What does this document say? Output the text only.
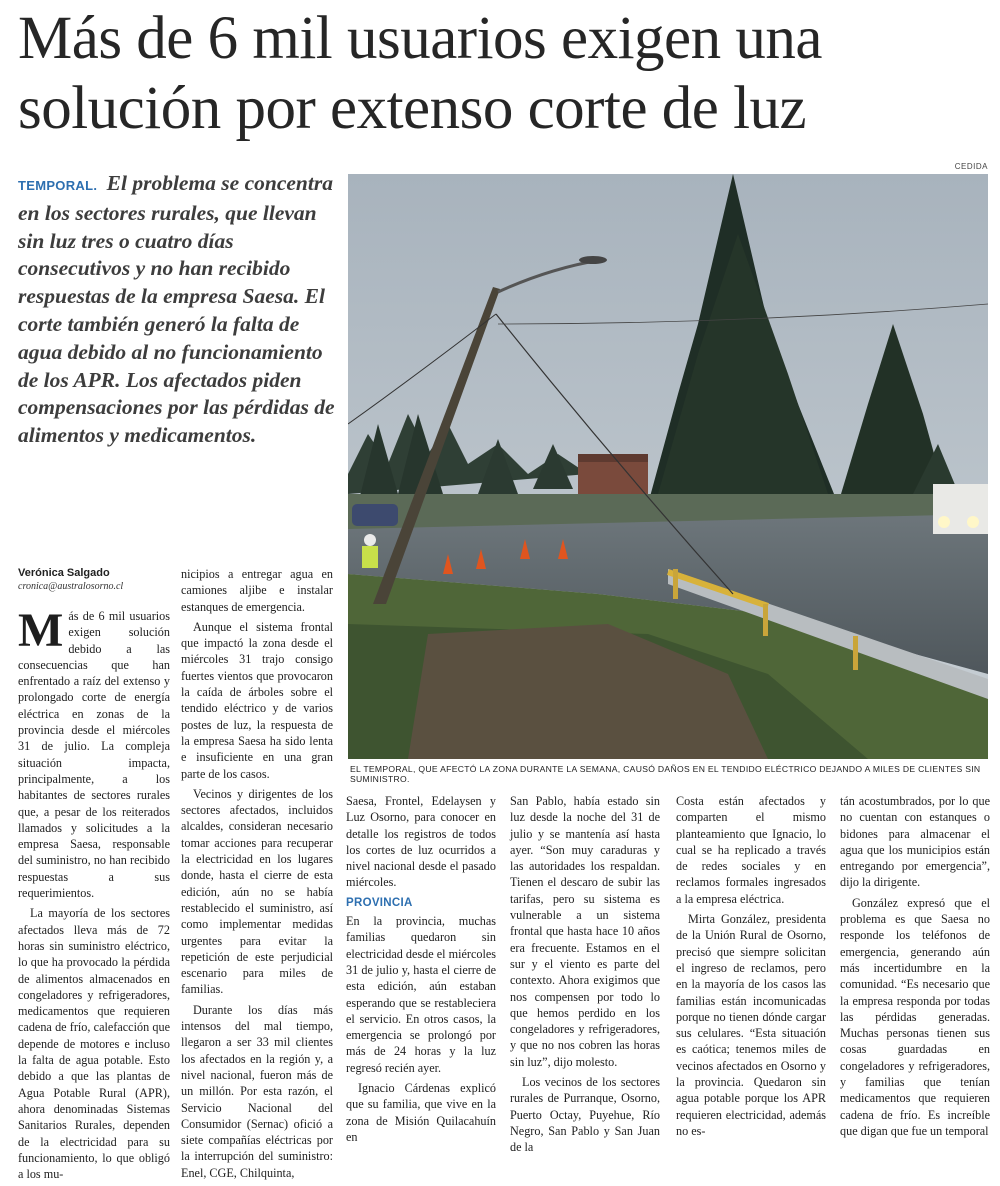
Más de 6 mil usuarios exigen una solución por extenso corte de luz
CEDIDA
TEMPORAL. El problema se concentra en los sectores rurales, que llevan sin luz tres o cuatro días consecutivos y no han recibido respuestas de la empresa Saesa. El corte también generó la falta de agua debido al no funcionamiento de los APR. Los afectados piden compensaciones por las pérdidas de alimentos y medicamentos.
Verónica Salgado
cronica@australosorno.cl
EL TEMPORAL, QUE AFECTÓ LA ZONA DURANTE LA SEMANA, CAUSÓ DAÑOS EN EL TENDIDO ELÉCTRICO DEJANDO A MILES DE CLIENTES SIN SUMINISTRO.

Más de 6 mil usuarios exigen solución debido a las consecuencias que han enfrentado a raíz del extenso y prolongado corte de energía eléctrica en zonas de la provincia desde el miércoles 31 de julio. La compleja situación impacta, principalmente, a los habitantes de sectores rurales que, a pesar de los reiterados llamados y solicitudes a la empresa Saesa, responsable del suministro, no han recibido respuestas a sus requerimientos.

La mayoría de los sectores afectados lleva más de 72 horas sin suministro eléctrico, lo que ha provocado la pérdida de alimentos almacenados en congeladores y refrigeradores, medicamentos que requieren cadena de frío, calefacción que depende de motores e incluso la falta de agua potable. Esto debido a que las plantas de Agua Potable Rural (APR), ahora denominadas Sistemas Sanitarios Rurales, dependen de la electricidad para su funcionamiento, lo que obligó a los mu-

nicipios a entregar agua en camiones aljibe e instalar estanques de emergencia.

Aunque el sistema frontal que impactó la zona desde el miércoles 31 trajo consigo fuertes vientos que provocaron la caída de árboles sobre el tendido eléctrico y de varios postes de luz, la respuesta de la empresa Saesa ha sido lenta e insuficiente en una gran parte de los casos.

Vecinos y dirigentes de los sectores afectados, incluidos alcaldes, consideran necesario tomar acciones para recuperar la electricidad en los lugares donde, hasta el cierre de esta edición, aún no se había restablecido el suministro, así como implementar medidas urgentes para evitar la repetición de este perjudicial escenario para miles de familias.

Durante los días más intensos del mal tiempo, llegaron a ser 33 mil clientes los afectados en la región y, a nivel nacional, fueron más de un millón. Por esta razón, el Servicio Nacional del Consumidor (Sernac) ofició a siete compañías eléctricas por la interrupción del suministro: Enel, CGE, Chilquinta,

Saesa, Frontel, Edelaysen y Luz Osorno, para conocer en detalle los registros de todos los cortes de luz ocurridos a nivel nacional desde el pasado miércoles.

PROVINCIA

En la provincia, muchas familias quedaron sin electricidad desde el miércoles 31 de julio y, hasta el cierre de esta edición, aún estaban esperando que se restableciera el servicio. En otros casos, la emergencia se prolongó por más de 24 horas y la luz regresó recién ayer.

Ignacio Cárdenas explicó que su familia, que vive en la zona de Misión Quilacahuín en

San Pablo, había estado sin luz desde la noche del 31 de julio y se mantenía así hasta ayer. “Son muy caraduras y las autoridades los respaldan. Tienen el descaro de subir las tarifas, pero su sistema es vulnerable a un sistema frontal que hasta hace 10 años era frecuente. Estamos en el sur y el viento es parte del contexto. Ahora exigimos que nos compensen por todo lo que hemos perdido en los congeladores y refrigeradores, y que no nos cobren las horas sin luz”, dijo molesto.

Los vecinos de los sectores rurales de Purranque, Osorno, Puerto Octay, Puyehue, Río Negro, San Pablo y San Juan de la

Costa están afectados y comparten el mismo planteamiento que Ignacio, lo cual se ha replicado a través de redes sociales y en reclamos formales ingresados a la empresa eléctrica.

Mirta González, presidenta de la Unión Rural de Osorno, precisó que siempre solicitan el ingreso de reclamos, pero en la mayoría de los casos las familias están incomunicadas porque no tienen dónde cargar sus celulares. “Esta situación es caótica; tenemos miles de vecinos afectados en Osorno y la provincia. Quedaron sin agua potable porque los APR requieren electricidad, además no es-

tán acostumbrados, por lo que no cuentan con estanques o bidones para almacenar el agua que los municipios están entregando por emergencia”, dijo la dirigente.

González expresó que el problema es que Saesa no responde los teléfonos de emergencia, generando aún más incertidumbre en la comunidad. “Es necesario que la empresa responda por todas las pérdidas generadas. Muchas personas tienen sus cosas guardadas en congeladores y refrigeradores, y familias que tenían medicamentos que requieren cadena de frío. Es increíble que digan que fue un temporal
